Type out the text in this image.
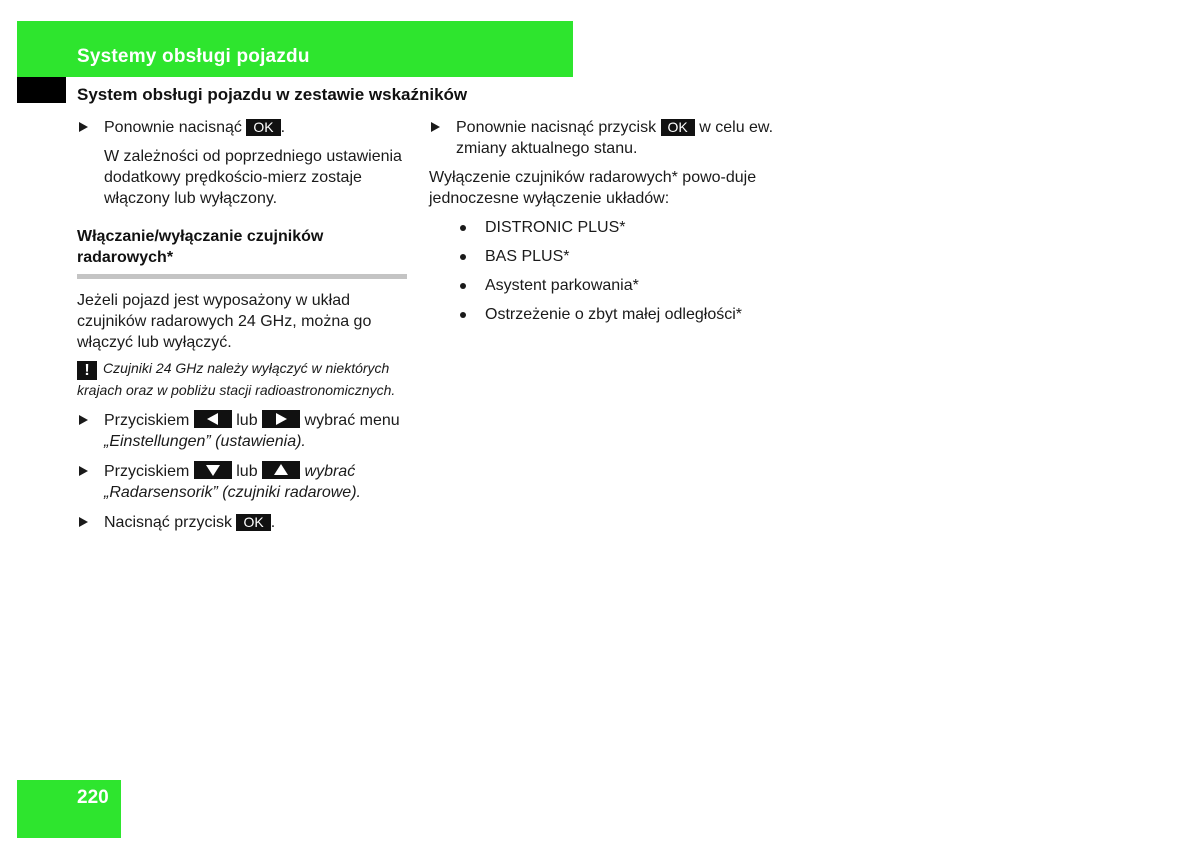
Systemy obsługi pojazdu
System obsługi pojazdu w zestawie wskaźników
Ponownie nacisnąć OK .
W zależności od poprzedniego ustawienia dodatkowy prędkościo-mierz zostaje włączony lub wyłączony.
Włączanie/wyłączanie czujników radarowych*
Jeżeli pojazd jest wyposażony w układ czujników radarowych 24 GHz, można go włączyć lub wyłączyć.
! Czujniki 24 GHz należy wyłączyć w niektórych krajach oraz w pobliżu stacji radioastronomicznych.
Przyciskiem	lub	wybrać menu „Einstellungen” (ustawienia).
Przyciskiem	lub	wybrać „Radarsensorik” (czujniki radarowe).
Nacisnąć przycisk OK .
Ponownie nacisnąć przycisk OK w celu ew. zmiany aktualnego stanu.
Wyłączenie czujników radarowych* powo-duje jednoczesne wyłączenie układów:
DISTRONIC PLUS*
BAS PLUS*
Asystent parkowania*
Ostrzeżenie o zbyt małej odległości*
220
